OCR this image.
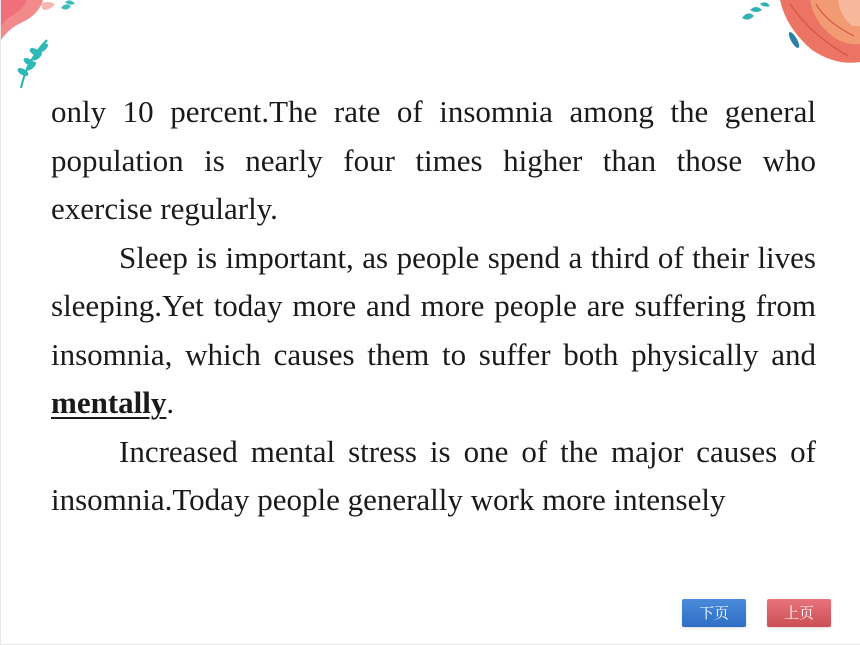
only 10 percent.The rate of insomnia among the general population is nearly four times higher than those who exercise regularly.

Sleep is important, as people spend a third of their lives sleeping.Yet today more and more people are suffering from insomnia, which causes them to suffer both physically and mentally.

Increased mental stress is one of the major causes of insomnia.Today people generally work more intensely

下页	上页
